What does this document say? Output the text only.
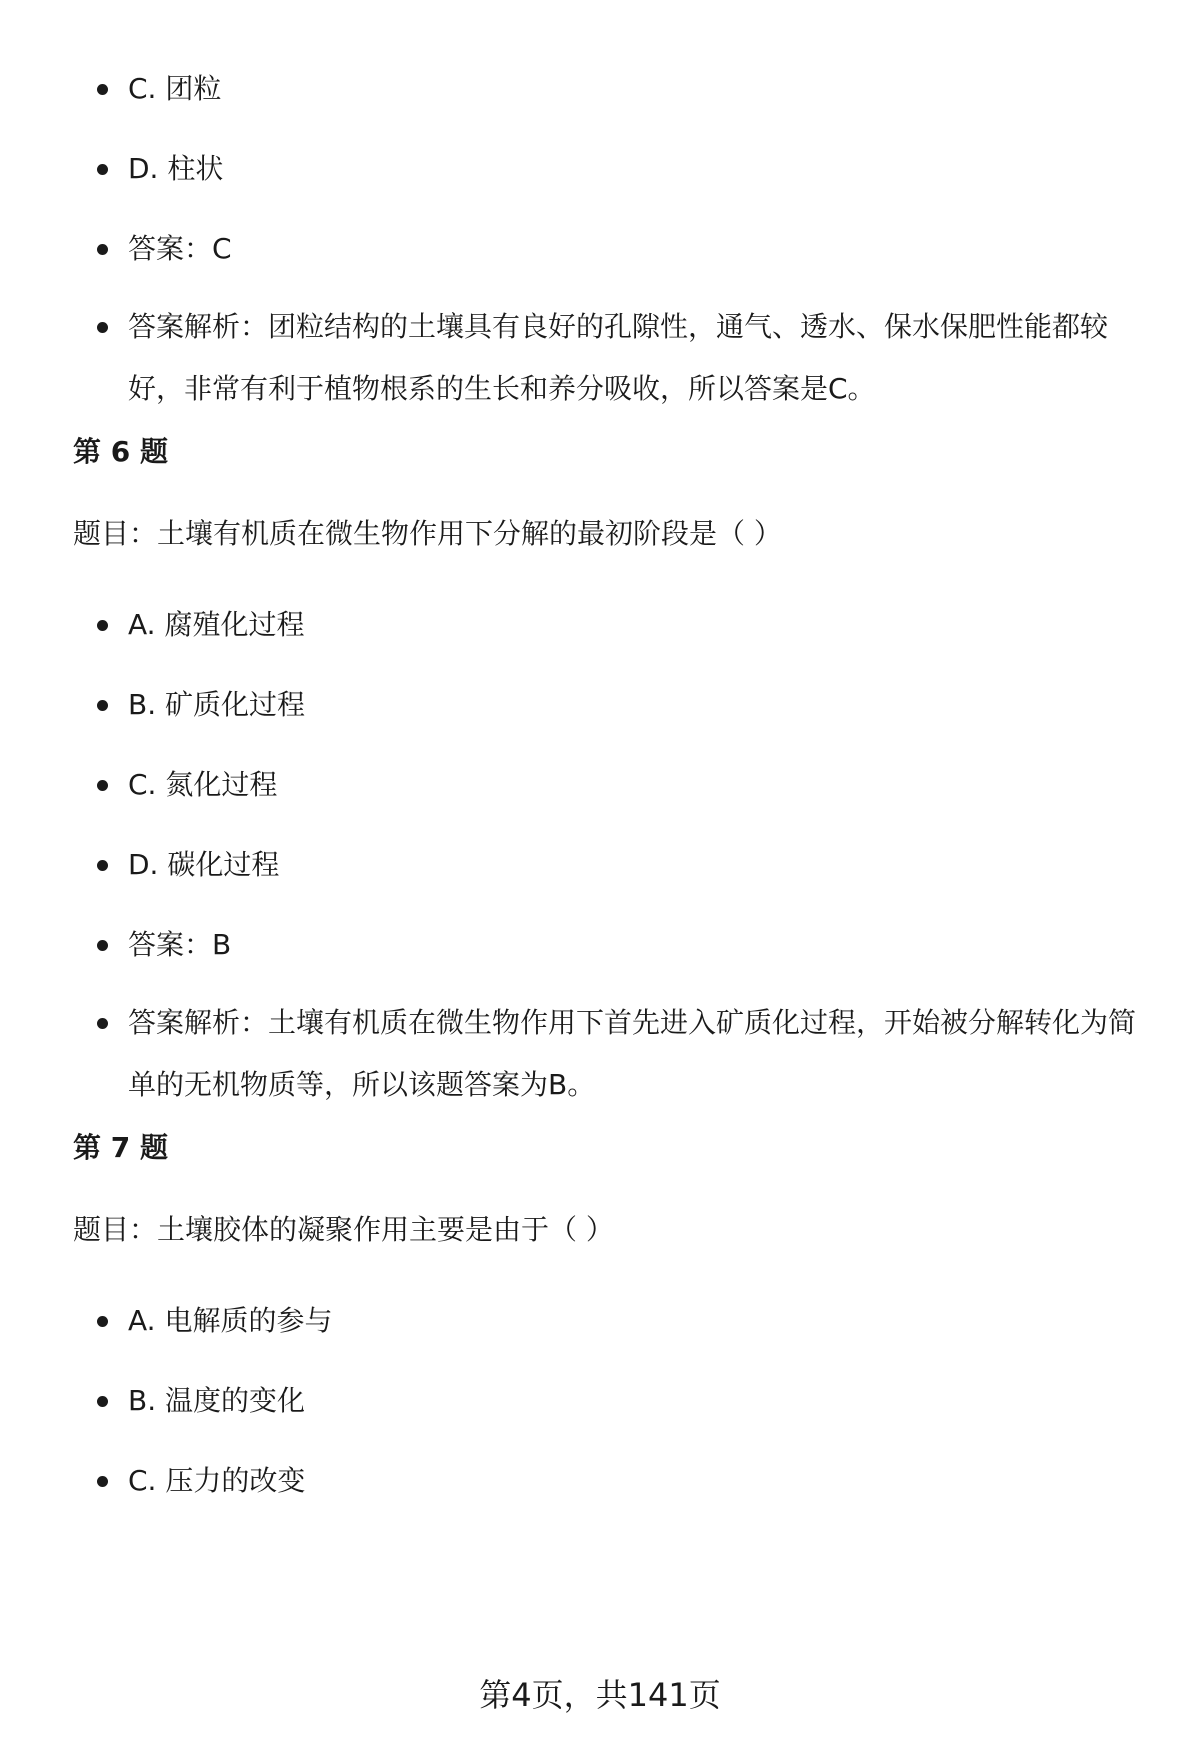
C. 团粒
D. 柱状
答案：C
答案解析：团粒结构的土壤具有良好的孔隙性，通气、透水、保水保肥性能都较好，非常有利于植物根系的生长和养分吸收，所以答案是C。
第 6 题
题目：土壤有机质在微生物作用下分解的最初阶段是（ ）
A. 腐殖化过程
B. 矿质化过程
C. 氮化过程
D. 碳化过程
答案：B
答案解析：土壤有机质在微生物作用下首先进入矿质化过程，开始被分解转化为简单的无机物质等，所以该题答案为B。
第 7 题
题目：土壤胶体的凝聚作用主要是由于（ ）
A. 电解质的参与
B. 温度的变化
C. 压力的改变
第4页，共141页
